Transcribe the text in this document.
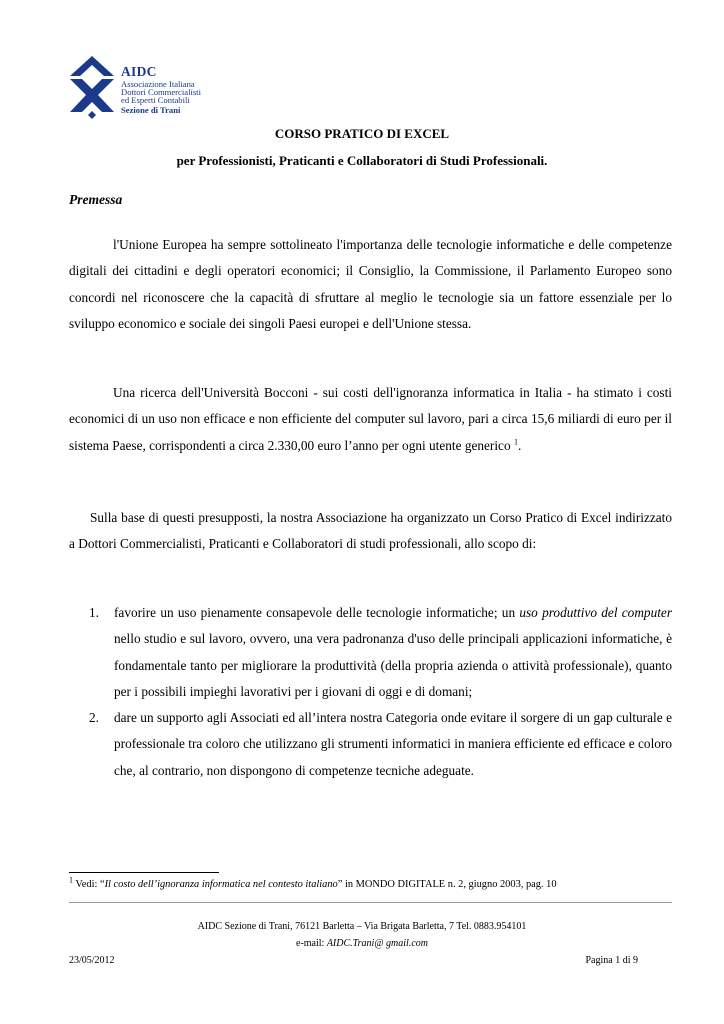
AIDC
Associazione Italiana
Dottori Commercialisti
ed Esperti Contabili
Sezione di Trani
CORSO PRATICO DI EXCEL
per Professionisti, Praticanti e Collaboratori di Studi Professionali.
Premessa
l'Unione Europea ha sempre sottolineato l'importanza delle tecnologie informatiche e delle competenze digitali dei cittadini e degli operatori economici; il Consiglio, la Commissione, il Parlamento Europeo sono concordi nel riconoscere che la capacità di sfruttare al meglio le tecnologie sia un fattore essenziale per lo sviluppo economico e sociale dei singoli Paesi europei e dell'Unione stessa.
Una ricerca dell'Università Bocconi - sui costi dell'ignoranza informatica in Italia - ha stimato i costi economici di un uso non efficace e non efficiente del computer sul lavoro, pari a circa 15,6 miliardi di euro per il sistema Paese, corrispondenti a circa 2.330,00 euro l’anno per ogni utente generico $^1$.
Sulla base di questi presupposti, la nostra Associazione ha organizzato un Corso Pratico di Excel indirizzato a Dottori Commercialisti, Praticanti e Collaboratori di studi professionali, allo scopo di:
1. favorire un uso pienamente consapevole delle tecnologie informatiche; un uso produttivo del computer nello studio e sul lavoro, ovvero, una vera padronanza d'uso delle principali applicazioni informatiche, è fondamentale tanto per migliorare la produttività (della propria azienda o attività professionale), quanto per i possibili impieghi lavorativi per i giovani di oggi e di domani;
2. dare un supporto agli Associati ed all’intera nostra Categoria onde evitare il sorgere di un gap culturale e professionale tra coloro che utilizzano gli strumenti informatici in maniera efficiente ed efficace e coloro che, al contrario, non dispongono di competenze tecniche adeguate.
$^1$ Vedi: “Il costo dell’ignoranza informatica nel contesto italiano” in MONDO DIGITALE n. 2, giugno 2003, pag. 10
AIDC Sezione di Trani, 76121 Barletta – Via Brigata Barletta, 7 Tel. 0883.954101
e-mail: AIDC.Trani@ gmail.com
23/05/2012	Pagina 1 di 9
